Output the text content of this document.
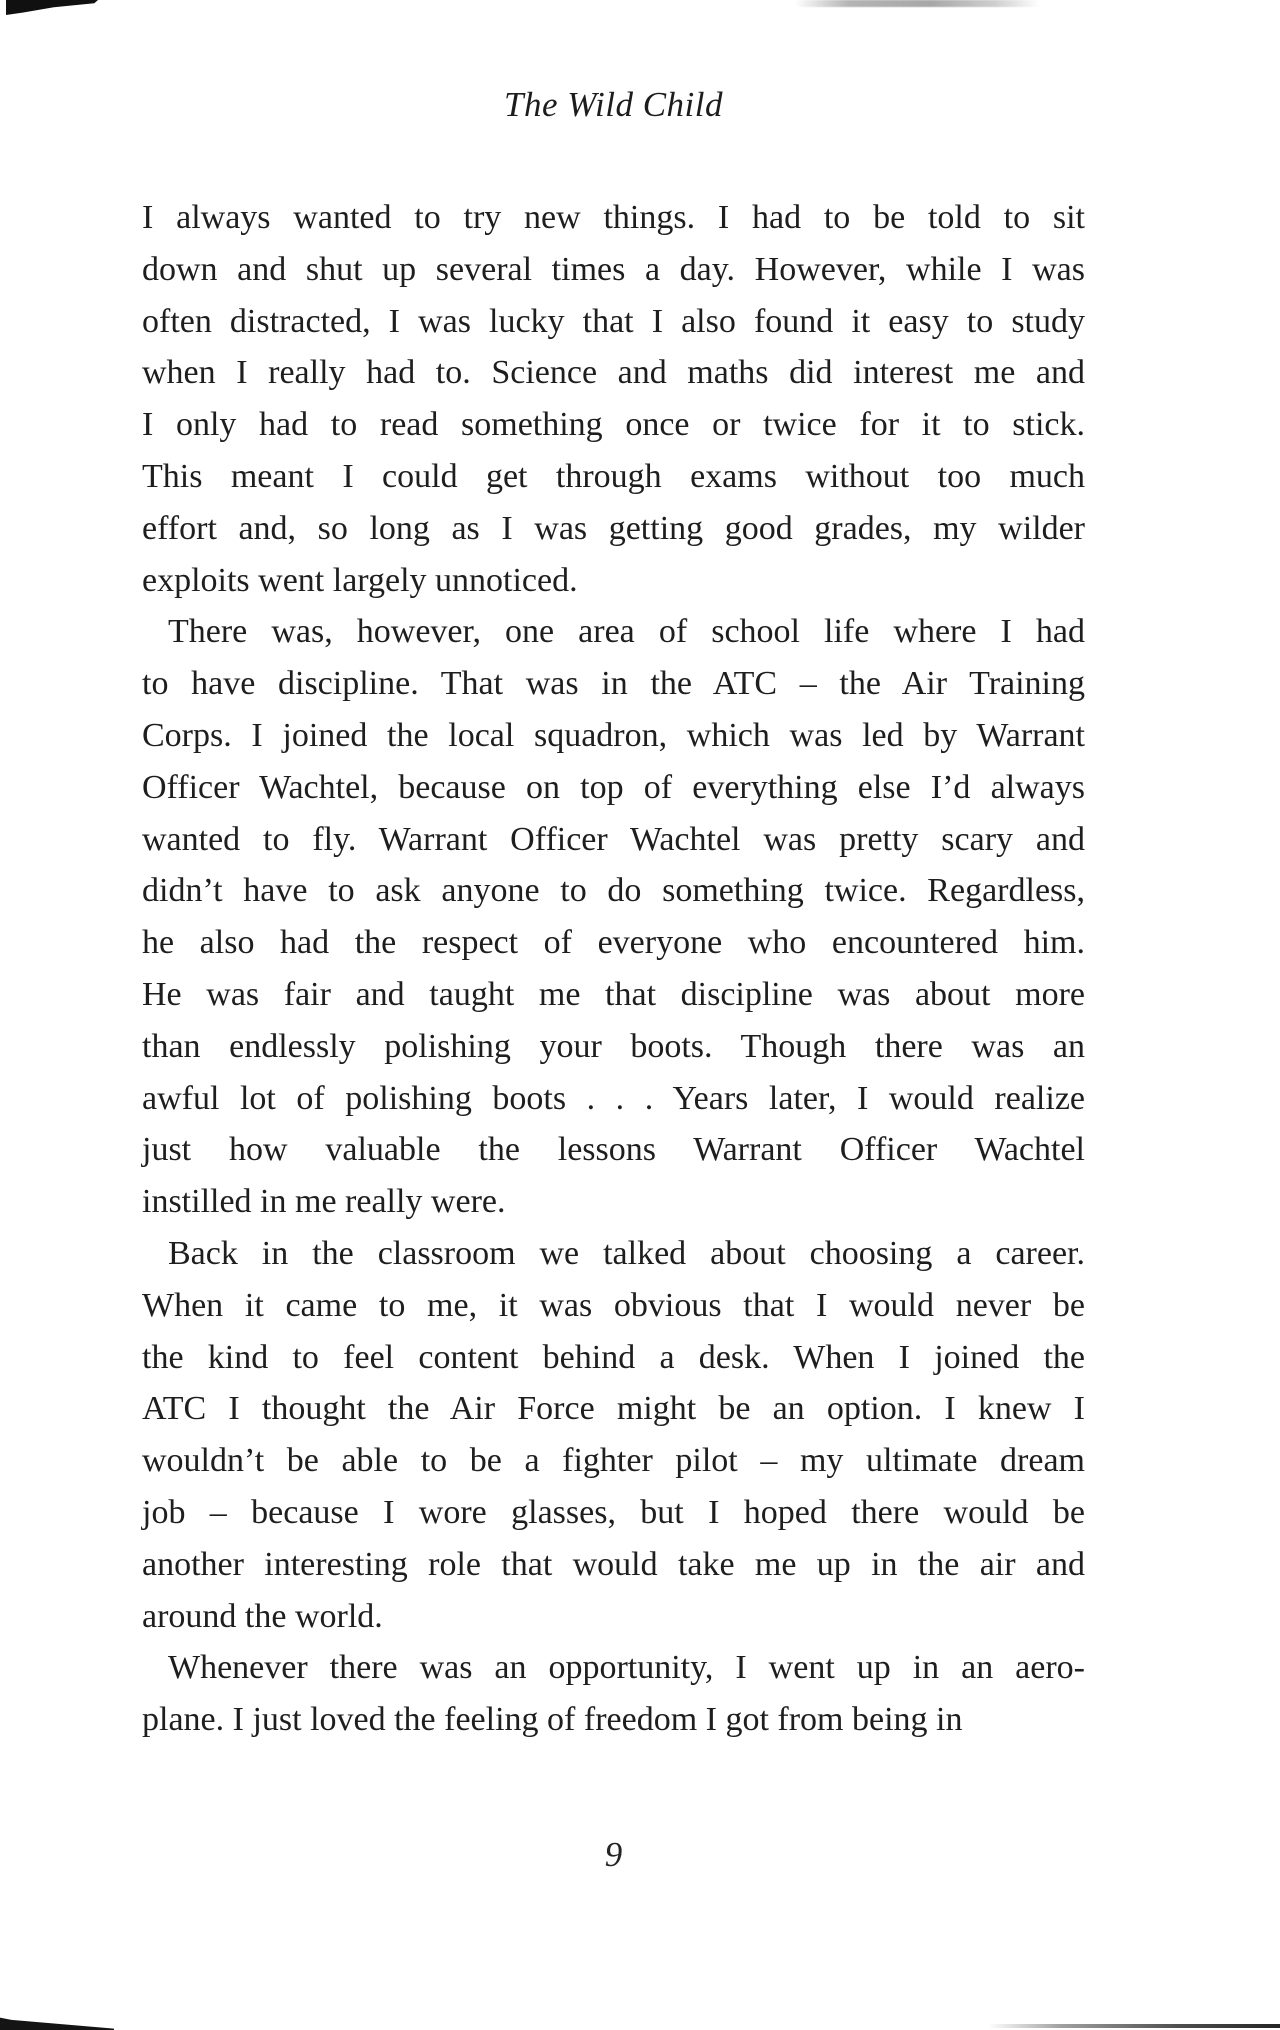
The Wild Child
I always wanted to try new things. I had to be told to sit
down and shut up several times a day. However, while I was
often distracted, I was lucky that I also found it easy to study
when I really had to. Science and maths did interest me and
I only had to read something once or twice for it to stick.
This meant I could get through exams without too much
effort and, so long as I was getting good grades, my wilder
exploits went largely unnoticed.
There was, however, one area of school life where I had
to have discipline. That was in the ATC – the Air Training
Corps. I joined the local squadron, which was led by Warrant
Officer Wachtel, because on top of everything else I’d always
wanted to fly. Warrant Officer Wachtel was pretty scary and
didn’t have to ask anyone to do something twice. Regardless,
he also had the respect of everyone who encountered him.
He was fair and taught me that discipline was about more
than endlessly polishing your boots. Though there was an
awful lot of polishing boots . . . Years later, I would realize
just how valuable the lessons Warrant Officer Wachtel
instilled in me really were.
Back in the classroom we talked about choosing a career.
When it came to me, it was obvious that I would never be
the kind to feel content behind a desk. When I joined the
ATC I thought the Air Force might be an option. I knew I
wouldn’t be able to be a fighter pilot – my ultimate dream
job – because I wore glasses, but I hoped there would be
another interesting role that would take me up in the air and
around the world.
Whenever there was an opportunity, I went up in an aero-
plane. I just loved the feeling of freedom I got from being in
9
